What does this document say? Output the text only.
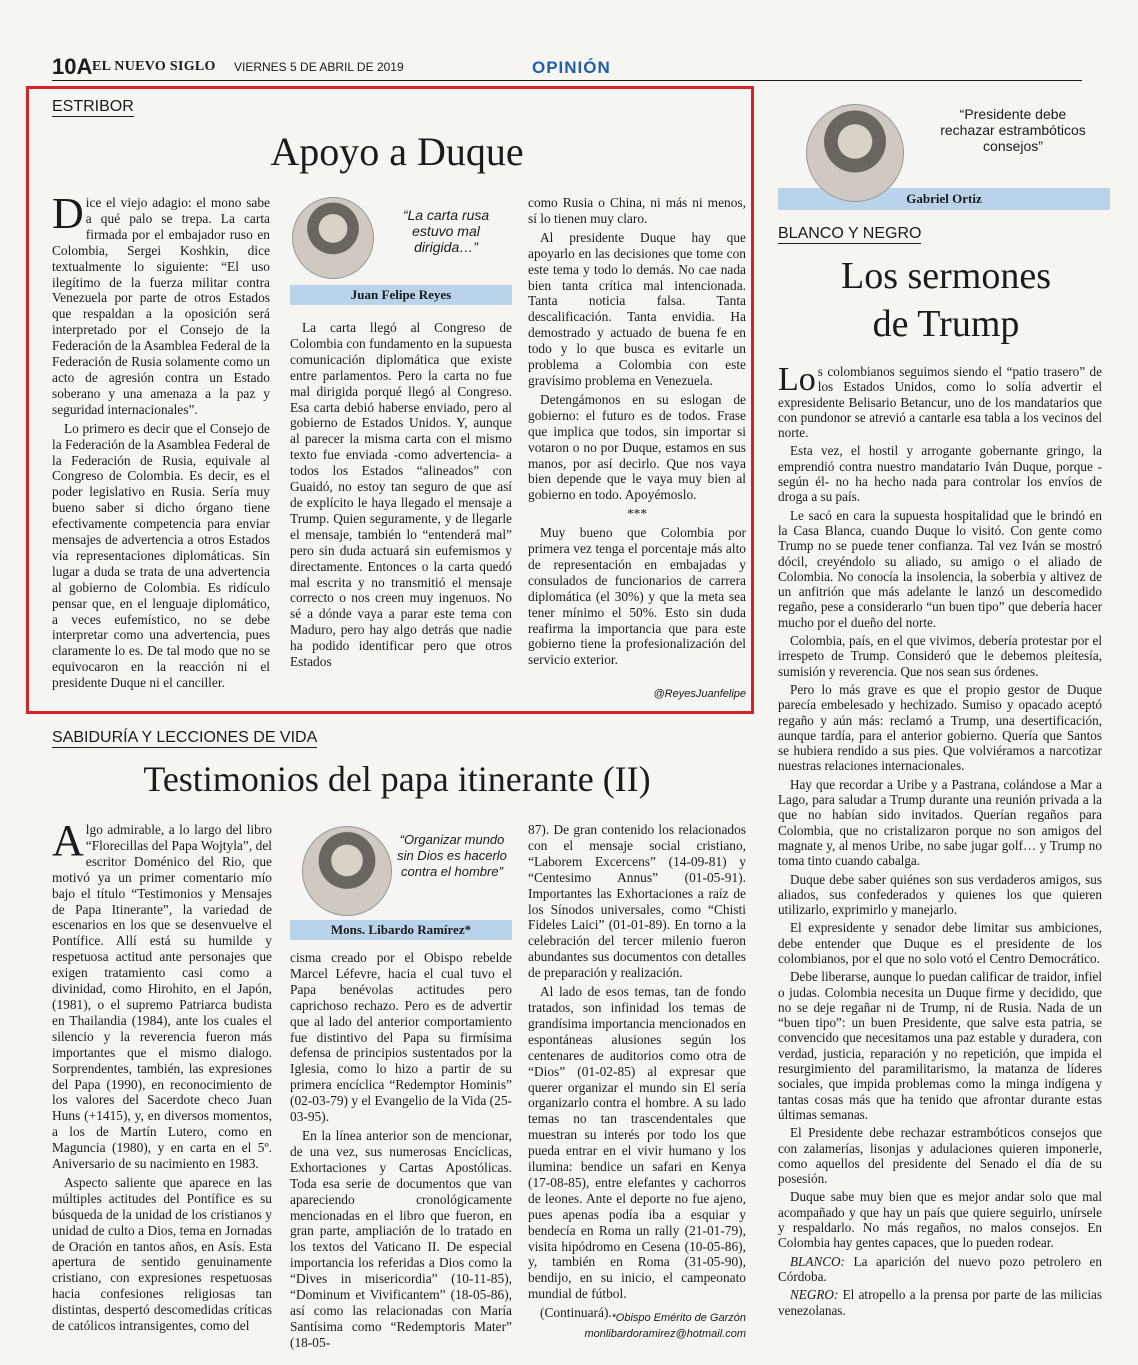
10A EL NUEVO SIGLO VIERNES 5 DE ABRIL DE 2019	OPINIÓN
ESTRIBOR
Apoyo a Duque

Dice el viejo adagio: el mono sabe a qué palo se trepa. La carta firmada por el embajador ruso en Colombia, Sergei Koshkin, dice textualmente lo siguiente: “El uso ilegítimo de la fuerza militar contra Venezuela por parte de otros Estados que respaldan a la oposición será interpretado por el Consejo de la Federación de la Asamblea Federal de la Federación de Rusia solamente como un acto de agresión contra un Estado soberano y una amenaza a la paz y seguridad internacionales”.

Lo primero es decir que el Consejo de la Federación de la Asamblea Federal de la Federación de Rusia, equivale al Congreso de Colombia. Es decir, es el poder legislativo en Rusia. Sería muy bueno saber si dicho órgano tiene efectivamente competencia para enviar mensajes de advertencia a otros Estados vía representaciones diplomáticas. Sin lugar a duda se trata de una advertencia al gobierno de Colombia. Es ridículo pensar que, en el lenguaje diplomático, a veces eufemístico, no se debe interpretar como una advertencia, pues claramente lo es. De tal modo que no se equivocaron en la reacción ni el presidente Duque ni el canciller.

“La carta rusa estuvo mal dirigida…”
Juan Felipe Reyes

La carta llegó al Congreso de Colombia con fundamento en la supuesta comunicación diplomática que existe entre parlamentos. Pero la carta no fue mal dirigida porqué llegó al Congreso. Esa carta debió haberse enviado, pero al gobierno de Estados Unidos. Y, aunque al parecer la misma carta con el mismo texto fue enviada -como advertencia- a todos los Estados “alineados” con Guaidó, no estoy tan seguro de que así de explícito le haya llegado el mensaje a Trump. Quien seguramente, y de llegarle el mensaje, también lo “entenderá mal” pero sin duda actuará sin eufemismos y directamente. Entonces o la carta quedó mal escrita y no transmitió el mensaje correcto o nos creen muy ingenuos. No sé a dónde vaya a parar este tema con Maduro, pero hay algo detrás que nadie ha podido identificar pero que otros Estados

como Rusia o China, ni más ni menos, sí lo tienen muy claro.

Al presidente Duque hay que apoyarlo en las decisiones que tome con este tema y todo lo demás. No cae nada bien tanta crítica mal intencionada. Tanta noticia falsa. Tanta descalificación. Tanta envidia. Ha demostrado y actuado de buena fe en todo y lo que busca es evitarle un problema a Colombia con este gravísimo problema en Venezuela.

Detengámonos en su eslogan de gobierno: el futuro es de todos. Frase que implica que todos, sin importar si votaron o no por Duque, estamos en sus manos, por así decirlo. Que nos vaya bien depende que le vaya muy bien al gobierno en todo. Apoyémoslo.

***

Muy bueno que Colombia por primera vez tenga el porcentaje más alto de representación en embajadas y consulados de funcionarios de carrera diplomática (el 30%) y que la meta sea tener mínimo el 50%. Esto sin duda reafirma la importancia que para este gobierno tiene la profesionalización del servicio exterior.

@ReyesJuanfelipe
“Presidente debe rechazar estrambóticos consejos”
Gabriel Ortiz
BLANCO Y NEGRO
Los sermones
de Trump

Lo s colombianos seguimos siendo el “patio trasero” de los Estados Unidos, como lo solía advertir el expresidente Belisario Betancur, uno de los mandatarios que con pundonor se atrevió a cantarle esa tabla a los vecinos del norte.

Esta vez, el hostil y arrogante gobernante gringo, la emprendió contra nuestro mandatario Iván Duque, porque -según él- no ha hecho nada para controlar los envíos de droga a su país.

Le sacó en cara la supuesta hospitalidad que le brindó en la Casa Blanca, cuando Duque lo visitó. Con gente como Trump no se puede tener confianza. Tal vez Iván se mostró dócil, creyéndolo su aliado, su amigo o el aliado de Colombia. No conocía la insolencia, la soberbia y altivez de un anfitrión que más adelante le lanzó un descomedido regaño, pese a considerarlo “un buen tipo” que debería hacer mucho por el dueño del norte.

Colombia, país, en el que vivimos, debería protestar por el irrespeto de Trump. Consideró que le debemos pleitesía, sumisión y reverencia. Que nos sean sus órdenes.

Pero lo más grave es que el propio gestor de Duque parecía embelesado y hechizado. Sumiso y opacado aceptó regaño y aún más: reclamó a Trump, una desertificación, aunque tardía, para el anterior gobierno. Quería que Santos se hubiera rendido a sus pies. Que volviéramos a narcotizar nuestras relaciones internacionales.

Hay que recordar a Uribe y a Pastrana, colándose a Mar a Lago, para saludar a Trump durante una reunión privada a la que no habían sido invitados. Querían regaños para Colombia, que no cristalizaron porque no son amigos del magnate y, al menos Uribe, no sabe jugar golf… y Trump no toma tinto cuando cabalga.

Duque debe saber quiénes son sus verdaderos amigos, sus aliados, sus confederados y quienes los que quieren utilizarlo, exprimirlo y manejarlo.

El expresidente y senador debe limitar sus ambiciones, debe entender que Duque es el presidente de los colombianos, por el que no solo votó el Centro Democrático.

Debe liberarse, aunque lo puedan calificar de traidor, infiel o judas. Colombia necesita un Duque firme y decidido, que no se deje regañar ni de Trump, ni de Rusia. Nada de un “buen tipo”: un buen Presidente, que salve esta patria, se convencido que necesitamos una paz estable y duradera, con verdad, justicia, reparación y no repetición, que impida el resurgimiento del paramilitarismo, la matanza de líderes sociales, que impida problemas como la minga indígena y tantas cosas más que ha tenido que afrontar durante estas últimas semanas.

El Presidente debe rechazar estrambóticos consejos que con zalamerías, lisonjas y adulaciones quieren imponerle, como aquellos del presidente del Senado el día de su posesión.

Duque sabe muy bien que es mejor andar solo que mal acompañado y que hay un país que quiere seguirlo, unírsele y respaldarlo. No más regaños, no malos consejos. En Colombia hay gentes capaces, que lo pueden rodear.

BLANCO: La aparición del nuevo pozo petrolero en Córdoba.

NEGRO: El atropello a la prensa por parte de las milicias venezolanas.

SABIDURÍA Y LECCIONES DE VIDA
Testimonios del papa itinerante (II)

Algo admirable, a lo largo del libro “Florecillas del Papa Wojtyla”, del escritor Doménico del Rio, que motivó ya un primer comentario mío bajo el título “Testimonios y Mensajes de Papa Itinerante”, la variedad de escenarios en los que se desenvuelve el Pontífice. Allí está su humilde y respetuosa actitud ante personajes que exigen tratamiento casi como a divinidad, como Hirohito, en el Japón, (1981), o el supremo Patriarca budista en Thailandia (1984), ante los cuales el silencio y la reverencia fueron más importantes que el mismo dialogo. Sorprendentes, también, las expresiones del Papa (1990), en reconocimiento de los valores del Sacerdote checo Juan Huns (+1415), y, en diversos momentos, a los de Martín Lutero, como en Maguncia (1980), y en carta en el 5º. Aniversario de su nacimiento en 1983.

Aspecto saliente que aparece en las múltiples actitudes del Pontífice es su búsqueda de la unidad de los cristianos y unidad de culto a Dios, tema en Jornadas de Oración en tantos años, en Asís. Esta apertura de sentido genuinamente cristiano, con expresiones respetuosas hacia confesiones religiosas tan distintas, despertó descomedidas críticas de católicos intransigentes, como del

“Organizar mundo sin Dios es hacerlo contra el hombre”
Mons. Libardo Ramírez*

cisma creado por el Obispo rebelde Marcel Léfevre, hacia el cual tuvo el Papa benévolas actitudes pero caprichoso rechazo. Pero es de advertir que al lado del anterior comportamiento fue distintivo del Papa su firmísima defensa de principios sustentados por la Iglesia, como lo hizo a partir de su primera encíclica “Redemptor Hominis” (02-03-79) y el Evangelio de la Vida (25-03-95).

En la línea anterior son de mencionar, de una vez, sus numerosas Encíclicas, Exhortaciones y Cartas Apostólicas. Toda esa serie de documentos que van apareciendo cronológicamente mencionadas en el libro que fueron, en gran parte, ampliación de lo tratado en los textos del Vaticano II. De especial importancia los referidas a Dios como la “Dives in misericordia” (10-11-85), “Dominum et Vivificantem” (18-05-86), así como las relacionadas con María Santísima como “Redemptoris Mater” (18-05-

87). De gran contenido los relacionados con el mensaje social cristiano, “Laborem Excercens” (14-09-81) y “Centesimo Annus” (01-05-91). Importantes las Exhortaciones a raíz de los Sínodos universales, como “Chisti Fideles Laici” (01-01-89). En torno a la celebración del tercer milenio fueron abundantes sus documentos con detalles de preparación y realización.

Al lado de esos temas, tan de fondo tratados, son infinidad los temas de grandísima importancia mencionados en espontáneas alusiones según los centenares de auditorios como otra de “Dios” (01-02-85) al expresar que querer organizar el mundo sin El sería organizarlo contra el hombre. A su lado temas no tan trascendentales que muestran su interés por todo los que pueda entrar en el vivir humano y los ilumina: bendice un safari en Kenya (17-08-85), entre elefantes y cachorros de leones. Ante el deporte no fue ajeno, pues apenas podía iba a esquiar y bendecía en Roma un rally (21-01-79), visita hipódromo en Cesena (10-05-86), y, también en Roma (31-05-90), bendijo, en su inicio, el campeonato mundial de fútbol.

(Continuará). *Obispo Emérito de Garzón
monlibardoramirez@hotmail.com
